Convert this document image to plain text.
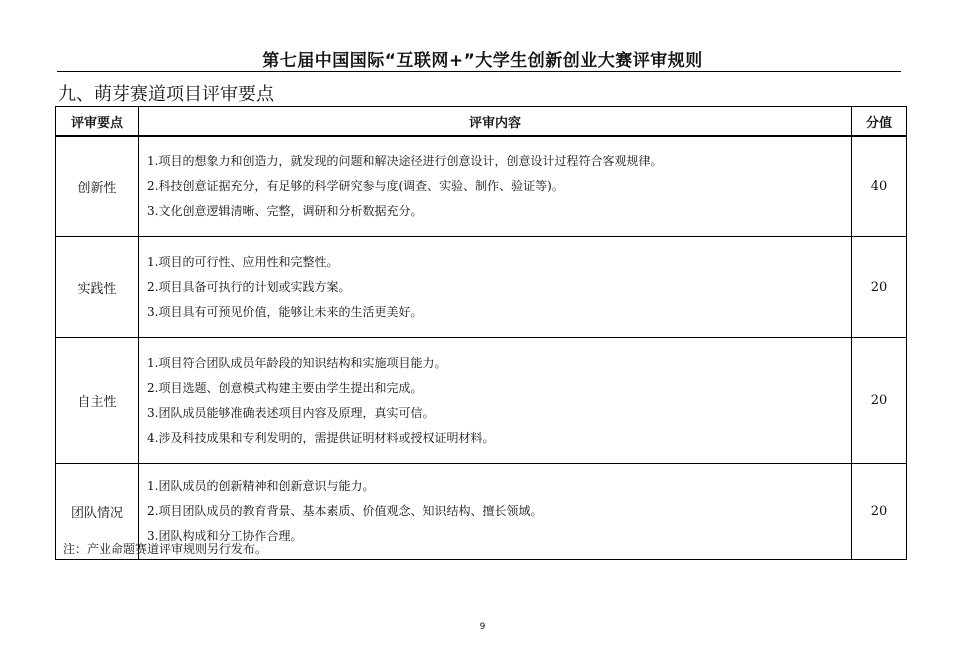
第七届中国国际“互联网+”大学生创新创业大赛评审规则
九、萌芽赛道项目评审要点
评审要点	评审内容	分值
创新性	1.项目的想象力和创造力，就发现的问题和解决途径进行创意设计，创意设计过程符合客观规律。
2.科技创意证据充分，有足够的科学研究参与度(调查、实验、制作、验证等)。
3.文化创意逻辑清晰、完整，调研和分析数据充分。	40
实践性	1.项目的可行性、应用性和完整性。
2.项目具备可执行的计划或实践方案。
3.项目具有可预见价值，能够让未来的生活更美好。	20
自主性	1.项目符合团队成员年龄段的知识结构和实施项目能力。
2.项目选题、创意模式构建主要由学生提出和完成。
3.团队成员能够准确表述项目内容及原理，真实可信。
4.涉及科技成果和专利发明的，需提供证明材料或授权证明材料。	20
团队情况	1.团队成员的创新精神和创新意识与能力。
2.项目团队成员的教育背景、基本素质、价值观念、知识结构、擅长领域。
3.团队构成和分工协作合理。	20
注：产业命题赛道评审规则另行发布。
9
